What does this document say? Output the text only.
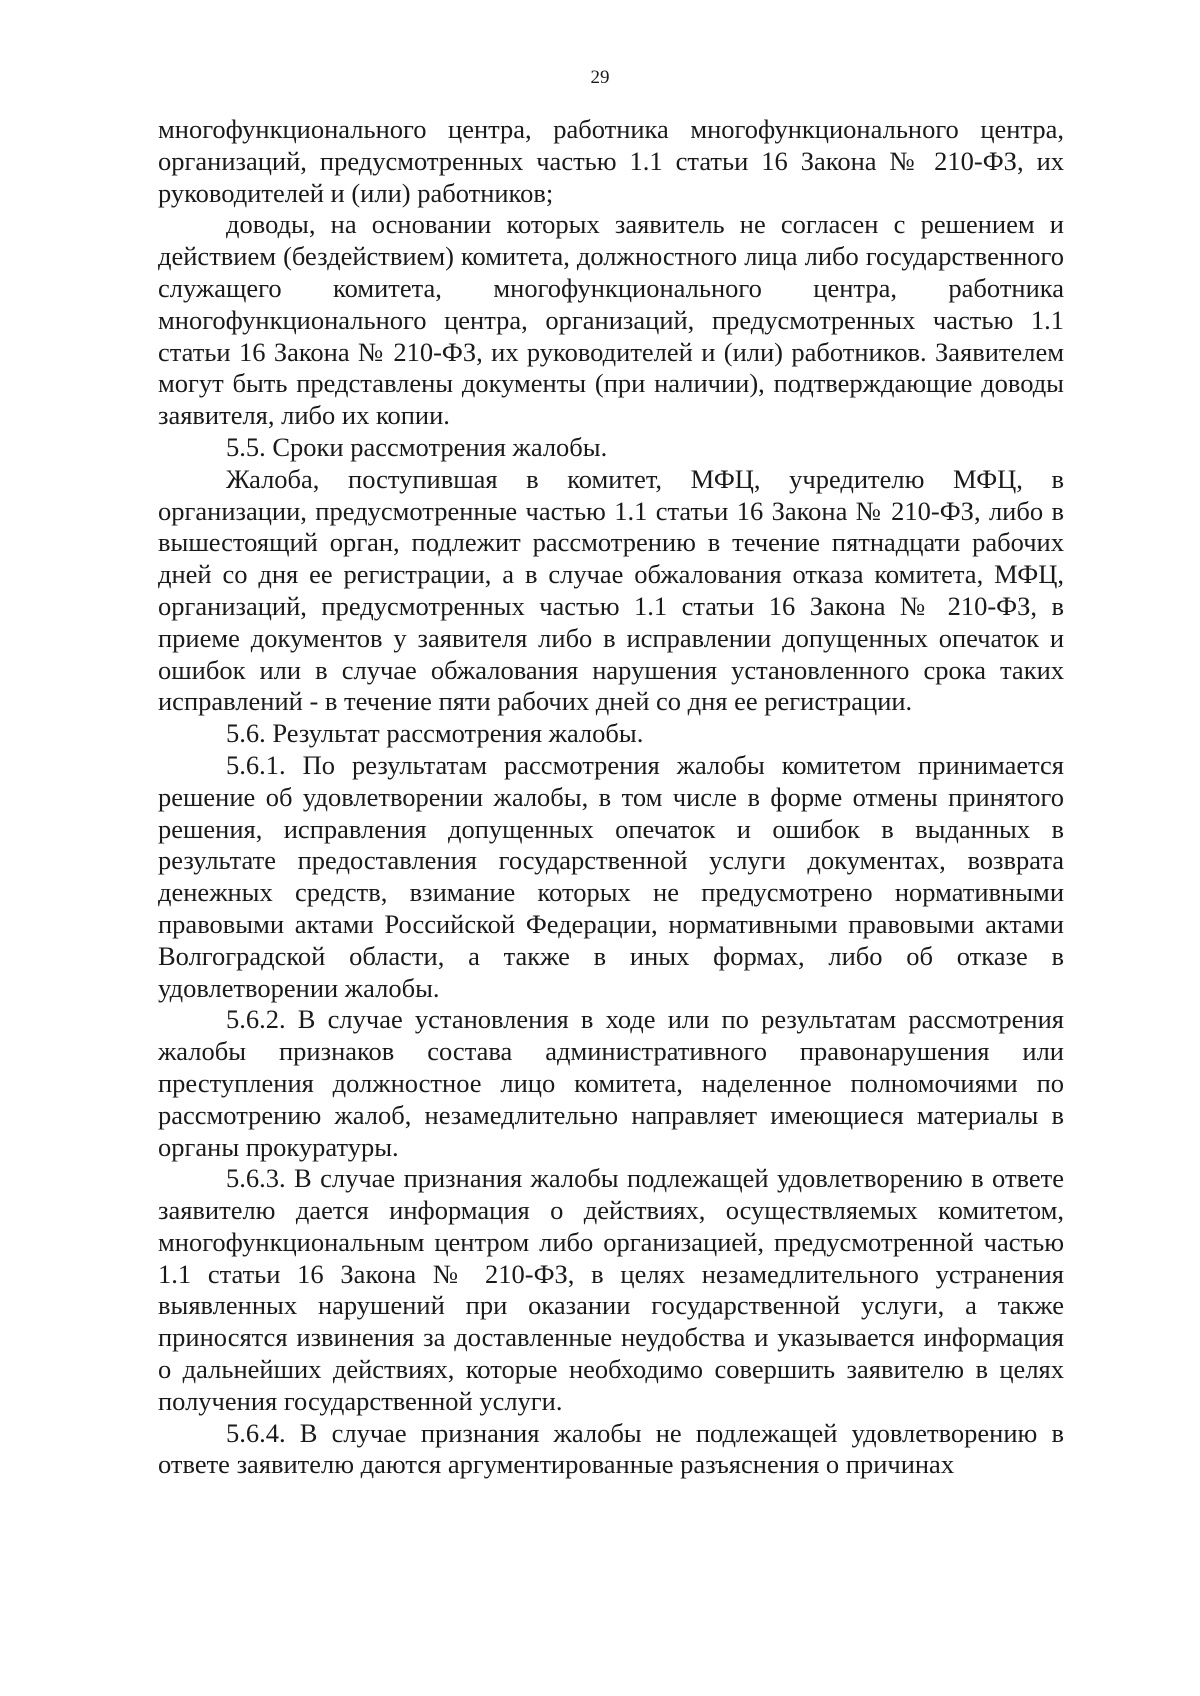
29

многофункционального центра, работника многофункционального центра, организаций, предусмотренных частью 1.1 статьи 16 Закона № 210-ФЗ, их руководителей и (или) работников;

доводы, на основании которых заявитель не согласен с решением и действием (бездействием) комитета, должностного лица либо государственного служащего комитета, многофункционального центра, работника многофункционального центра, организаций, предусмотренных частью 1.1 статьи 16 Закона № 210-ФЗ, их руководителей и (или) работников. Заявителем могут быть представлены документы (при наличии), подтверждающие доводы заявителя, либо их копии.

5.5. Сроки рассмотрения жалобы.

Жалоба, поступившая в комитет, МФЦ, учредителю МФЦ, в организации, предусмотренные частью 1.1 статьи 16 Закона № 210-ФЗ, либо в вышестоящий орган, подлежит рассмотрению в течение пятнадцати рабочих дней со дня ее регистрации, а в случае обжалования отказа комитета, МФЦ, организаций, предусмотренных частью 1.1 статьи 16 Закона № 210-ФЗ, в приеме документов у заявителя либо в исправлении допущенных опечаток и ошибок или в случае обжалования нарушения установленного срока таких исправлений - в течение пяти рабочих дней со дня ее регистрации.

5.6. Результат рассмотрения жалобы.

5.6.1. По результатам рассмотрения жалобы комитетом принимается решение об удовлетворении жалобы, в том числе в форме отмены принятого решения, исправления допущенных опечаток и ошибок в выданных в результате предоставления государственной услуги документах, возврата денежных средств, взимание которых не предусмотрено нормативными правовыми актами Российской Федерации, нормативными правовыми актами Волгоградской области, а также в иных формах, либо об отказе в удовлетворении жалобы.

5.6.2. В случае установления в ходе или по результатам рассмотрения жалобы признаков состава административного правонарушения или преступления должностное лицо комитета, наделенное полномочиями по рассмотрению жалоб, незамедлительно направляет имеющиеся материалы в органы прокуратуры.

5.6.3. В случае признания жалобы подлежащей удовлетворению в ответе заявителю дается информация о действиях, осуществляемых комитетом, многофункциональным центром либо организацией, предусмотренной частью 1.1 статьи 16 Закона № 210-ФЗ, в целях незамедлительного устранения выявленных нарушений при оказании государственной услуги, а также приносятся извинения за доставленные неудобства и указывается информация о дальнейших действиях, которые необходимо совершить заявителю в целях получения государственной услуги.

5.6.4. В случае признания жалобы не подлежащей удовлетворению в ответе заявителю даются аргументированные разъяснения о причинах
